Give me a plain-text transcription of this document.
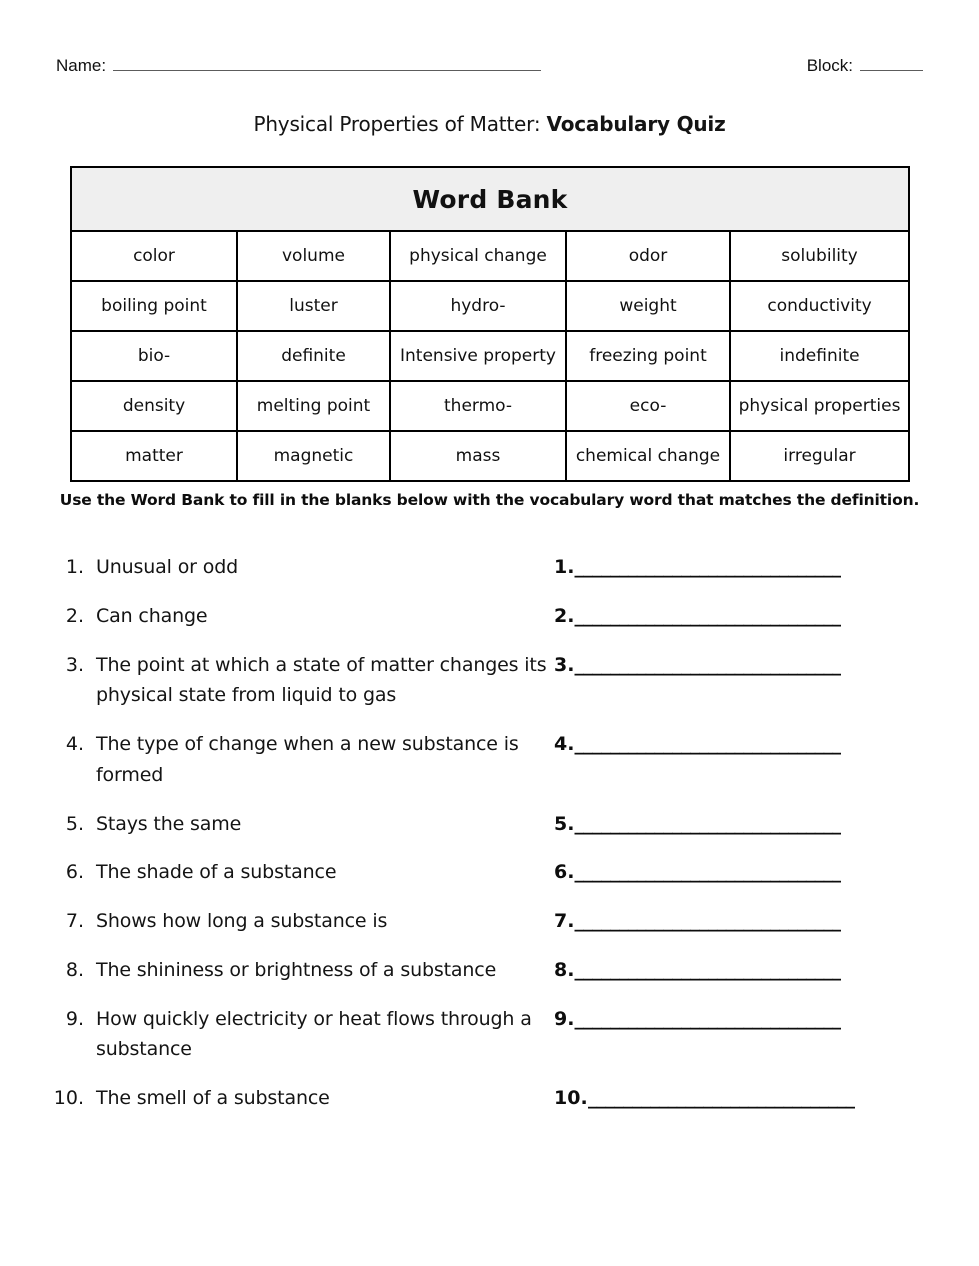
Name:	Block:
Physical Properties of Matter: Vocabulary Quiz
Word Bank				
color	volume	physical change	odor	solubility
boiling point	luster	hydro-	weight	conductivity
bio-	definite	Intensive property	freezing point	indefinite
density	melting point	thermo-	eco-	physical properties
matter	magnetic	mass	chemical change	irregular
Use the Word Bank to fill in the blanks below with the vocabulary word that matches the definition.
1. Unusual or odd	1. ______________________________
2. Can change	2. ______________________________
3. The point at which a state of matter changes its physical state from liquid to gas
3. ______________________________
4. The type of change when a new substance is formed
4. ______________________________
5. Stays the same	5. ______________________________
6. The shade of a substance	6. ______________________________
7. Shows how long a substance is	7. ______________________________
8. The shininess or brightness of a substance	8. ______________________________
9. How quickly electricity or heat flows through a substance
9. ______________________________
10. The smell of a substance	10. ______________________________
